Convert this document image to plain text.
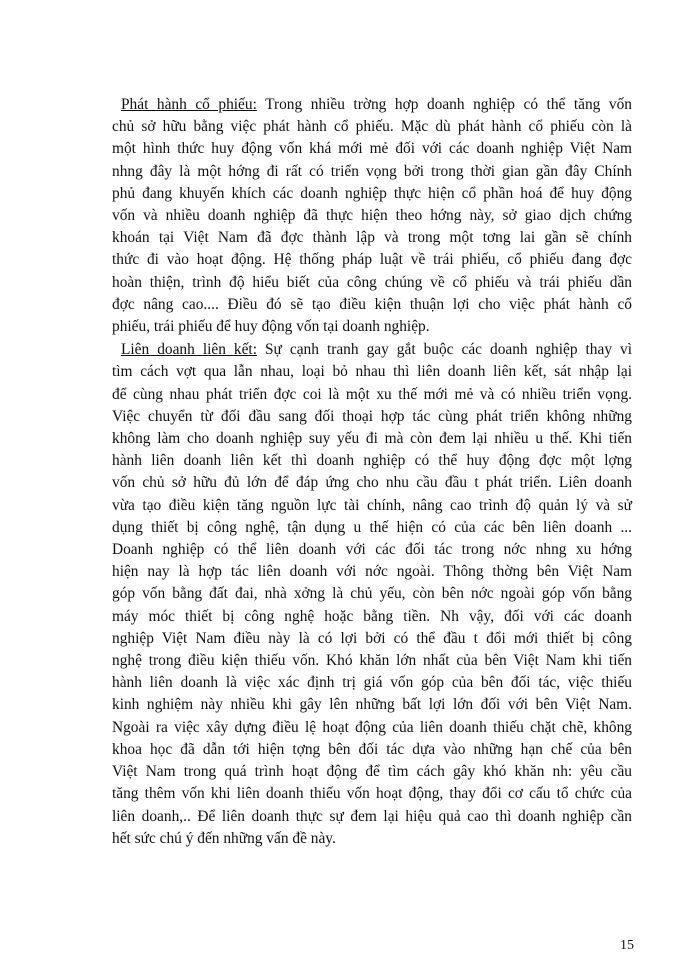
Phát hành cổ phiếu: Trong nhiều trờng hợp doanh nghiệp có thể tăng vốn
chủ sở hữu bằng việc phát hành cổ phiếu. Mặc dù phát hành cổ phiếu còn là
một hình thức huy động vốn khá mới mẻ đối với các doanh nghiệp Việt Nam
nhng đây là một hớng đi rất có triển vọng bởi trong thời gian gần đây Chính
phủ đang khuyến khích các doanh nghiệp thực hiện cổ phần hoá để huy động
vốn và nhiều doanh nghiệp đã thực hiện theo hớng này, sở giao dịch chứng
khoán tại Việt Nam đã đợc thành lập và trong một tơng lai gần sẽ chính
thức đi vào hoạt động. Hệ thống pháp luật về trái phiếu, cổ phiếu đang đợc
hoàn thiện, trình độ hiểu biết của công chúng về cổ phiếu và trái phiếu dần
đợc nâng cao.... Điều đó sẽ tạo điều kiện thuận lợi cho việc phát hành cổ
phiếu, trái phiếu để huy động vốn tại doanh nghiệp.
Liên doanh liên kết: Sự cạnh tranh gay gắt buộc các doanh nghiệp thay vì
tìm cách vợt qua lẫn nhau, loại bỏ nhau thì liên doanh liên kết, sát nhập lại
để cùng nhau phát triển đợc coi là một xu thế mới mẻ và có nhiều triển vọng.
Việc chuyển từ đối đầu sang đối thoại hợp tác cùng phát triển không những
không làm cho doanh nghiệp suy yếu đi mà còn đem lại nhiều u thế. Khi tiến
hành liên doanh liên kết thì doanh nghiệp có thể huy động đợc một lợng
vốn chủ sở hữu đủ lớn để đáp ứng cho nhu cầu đầu t phát triển. Liên doanh
vừa tạo điều kiện tăng nguồn lực tài chính, nâng cao trình độ quản lý và sử
dụng thiết bị công nghệ, tận dụng u thế hiện có của các bên liên doanh ...
Doanh nghiệp có thể liên doanh với các đối tác trong nớc nhng xu hớng
hiện nay là hợp tác liên doanh với nớc ngoài. Thông thờng bên Việt Nam
góp vốn bằng đất đai, nhà xởng là chủ yếu, còn bên nớc ngoài góp vốn bằng
máy móc thiết bị công nghệ hoặc bằng tiền. Nh vậy, đối với các doanh
nghiệp Việt Nam điều này là có lợi bởi có thể đầu t đổi mới thiết bị công
nghệ trong điều kiện thiếu vốn. Khó khăn lớn nhất của bên Việt Nam khi tiến
hành liên doanh là việc xác định trị giá vốn góp của bên đối tác, việc thiếu
kinh nghiệm này nhiều khi gây lên những bất lợi lớn đối với bên Việt Nam.
Ngoài ra việc xây dựng điều lệ hoạt động của liên doanh thiếu chặt chẽ, không
khoa học đã dẫn tới hiện tợng bên đối tác dựa vào những hạn chế của bên
Việt Nam trong quá trình hoạt động để tìm cách gây khó khăn nh: yêu cầu
tăng thêm vốn khi liên doanh thiếu vốn hoạt động, thay đổi cơ cấu tổ chức của
liên doanh,.. Để liên doanh thực sự đem lại hiệu quả cao thì doanh nghiệp cần
hết sức chú ý đến những vấn đề này.
15
